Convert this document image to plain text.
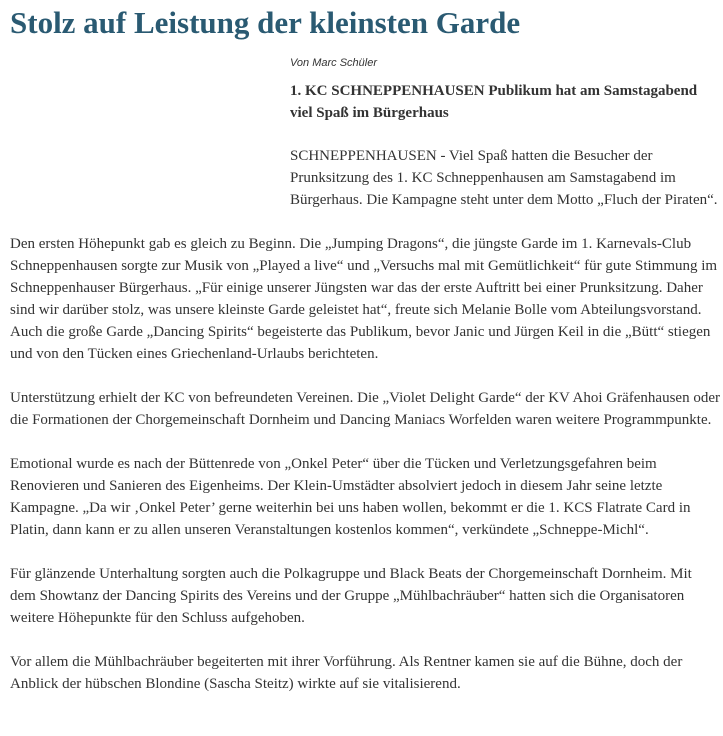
Stolz auf Leistung der kleinsten Garde

Von Marc Schüler

1. KC SCHNEPPENHAUSEN Publikum hat am Samstagabend viel Spaß im Bürgerhaus

SCHNEPPENHAUSEN - Viel Spaß hatten die Besucher der Prunksitzung des 1. KC Schneppenhausen am Samstagabend im Bürgerhaus. Die Kampagne steht unter dem Motto „Fluch der Piraten“.

Den ersten Höhepunkt gab es gleich zu Beginn. Die „Jumping Dragons“, die jüngste Garde im 1. Karnevals-Club Schneppenhausen sorgte zur Musik von „Played a live“ und „Versuchs mal mit Gemütlichkeit“ für gute Stimmung im Schneppenhauser Bürgerhaus. „Für einige unserer Jüngsten war das der erste Auftritt bei einer Prunksitzung. Daher sind wir darüber stolz, was unsere kleinste Garde geleistet hat“, freute sich Melanie Bolle vom Abteilungsvorstand. Auch die große Garde „Dancing Spirits“ begeisterte das Publikum, bevor Janic und Jürgen Keil in die „Bütt“ stiegen und von den Tücken eines Griechenland-Urlaubs berichteten.

Unterstützung erhielt der KC von befreundeten Vereinen. Die „Violet Delight Garde“ der KV Ahoi Gräfenhausen oder die Formationen der Chorgemeinschaft Dornheim und Dancing Maniacs Worfelden waren weitere Programmpunkte.

Emotional wurde es nach der Büttenrede von „Onkel Peter“ über die Tücken und Verletzungsgefahren beim Renovieren und Sanieren des Eigenheims. Der Klein-Umstädter absolviert jedoch in diesem Jahr seine letzte Kampagne. „Da wir ‚Onkel Peter’ gerne weiterhin bei uns haben wollen, bekommt er die 1. KCS Flatrate Card in Platin, dann kann er zu allen unseren Veranstaltungen kostenlos kommen“, verkündete „Schneppe-Michl“.

Für glänzende Unterhaltung sorgten auch die Polkagruppe und Black Beats der Chorgemeinschaft Dornheim. Mit dem Showtanz der Dancing Spirits des Vereins und der Gruppe „Mühlbachräuber“ hatten sich die Organisatoren weitere Höhepunkte für den Schluss aufgehoben.

Vor allem die Mühlbachräuber begeiterten mit ihrer Vorführung. Als Rentner kamen sie auf die Bühne, doch der Anblick der hübschen Blondine (Sascha Steitz) wirkte auf sie vitalisierend.
